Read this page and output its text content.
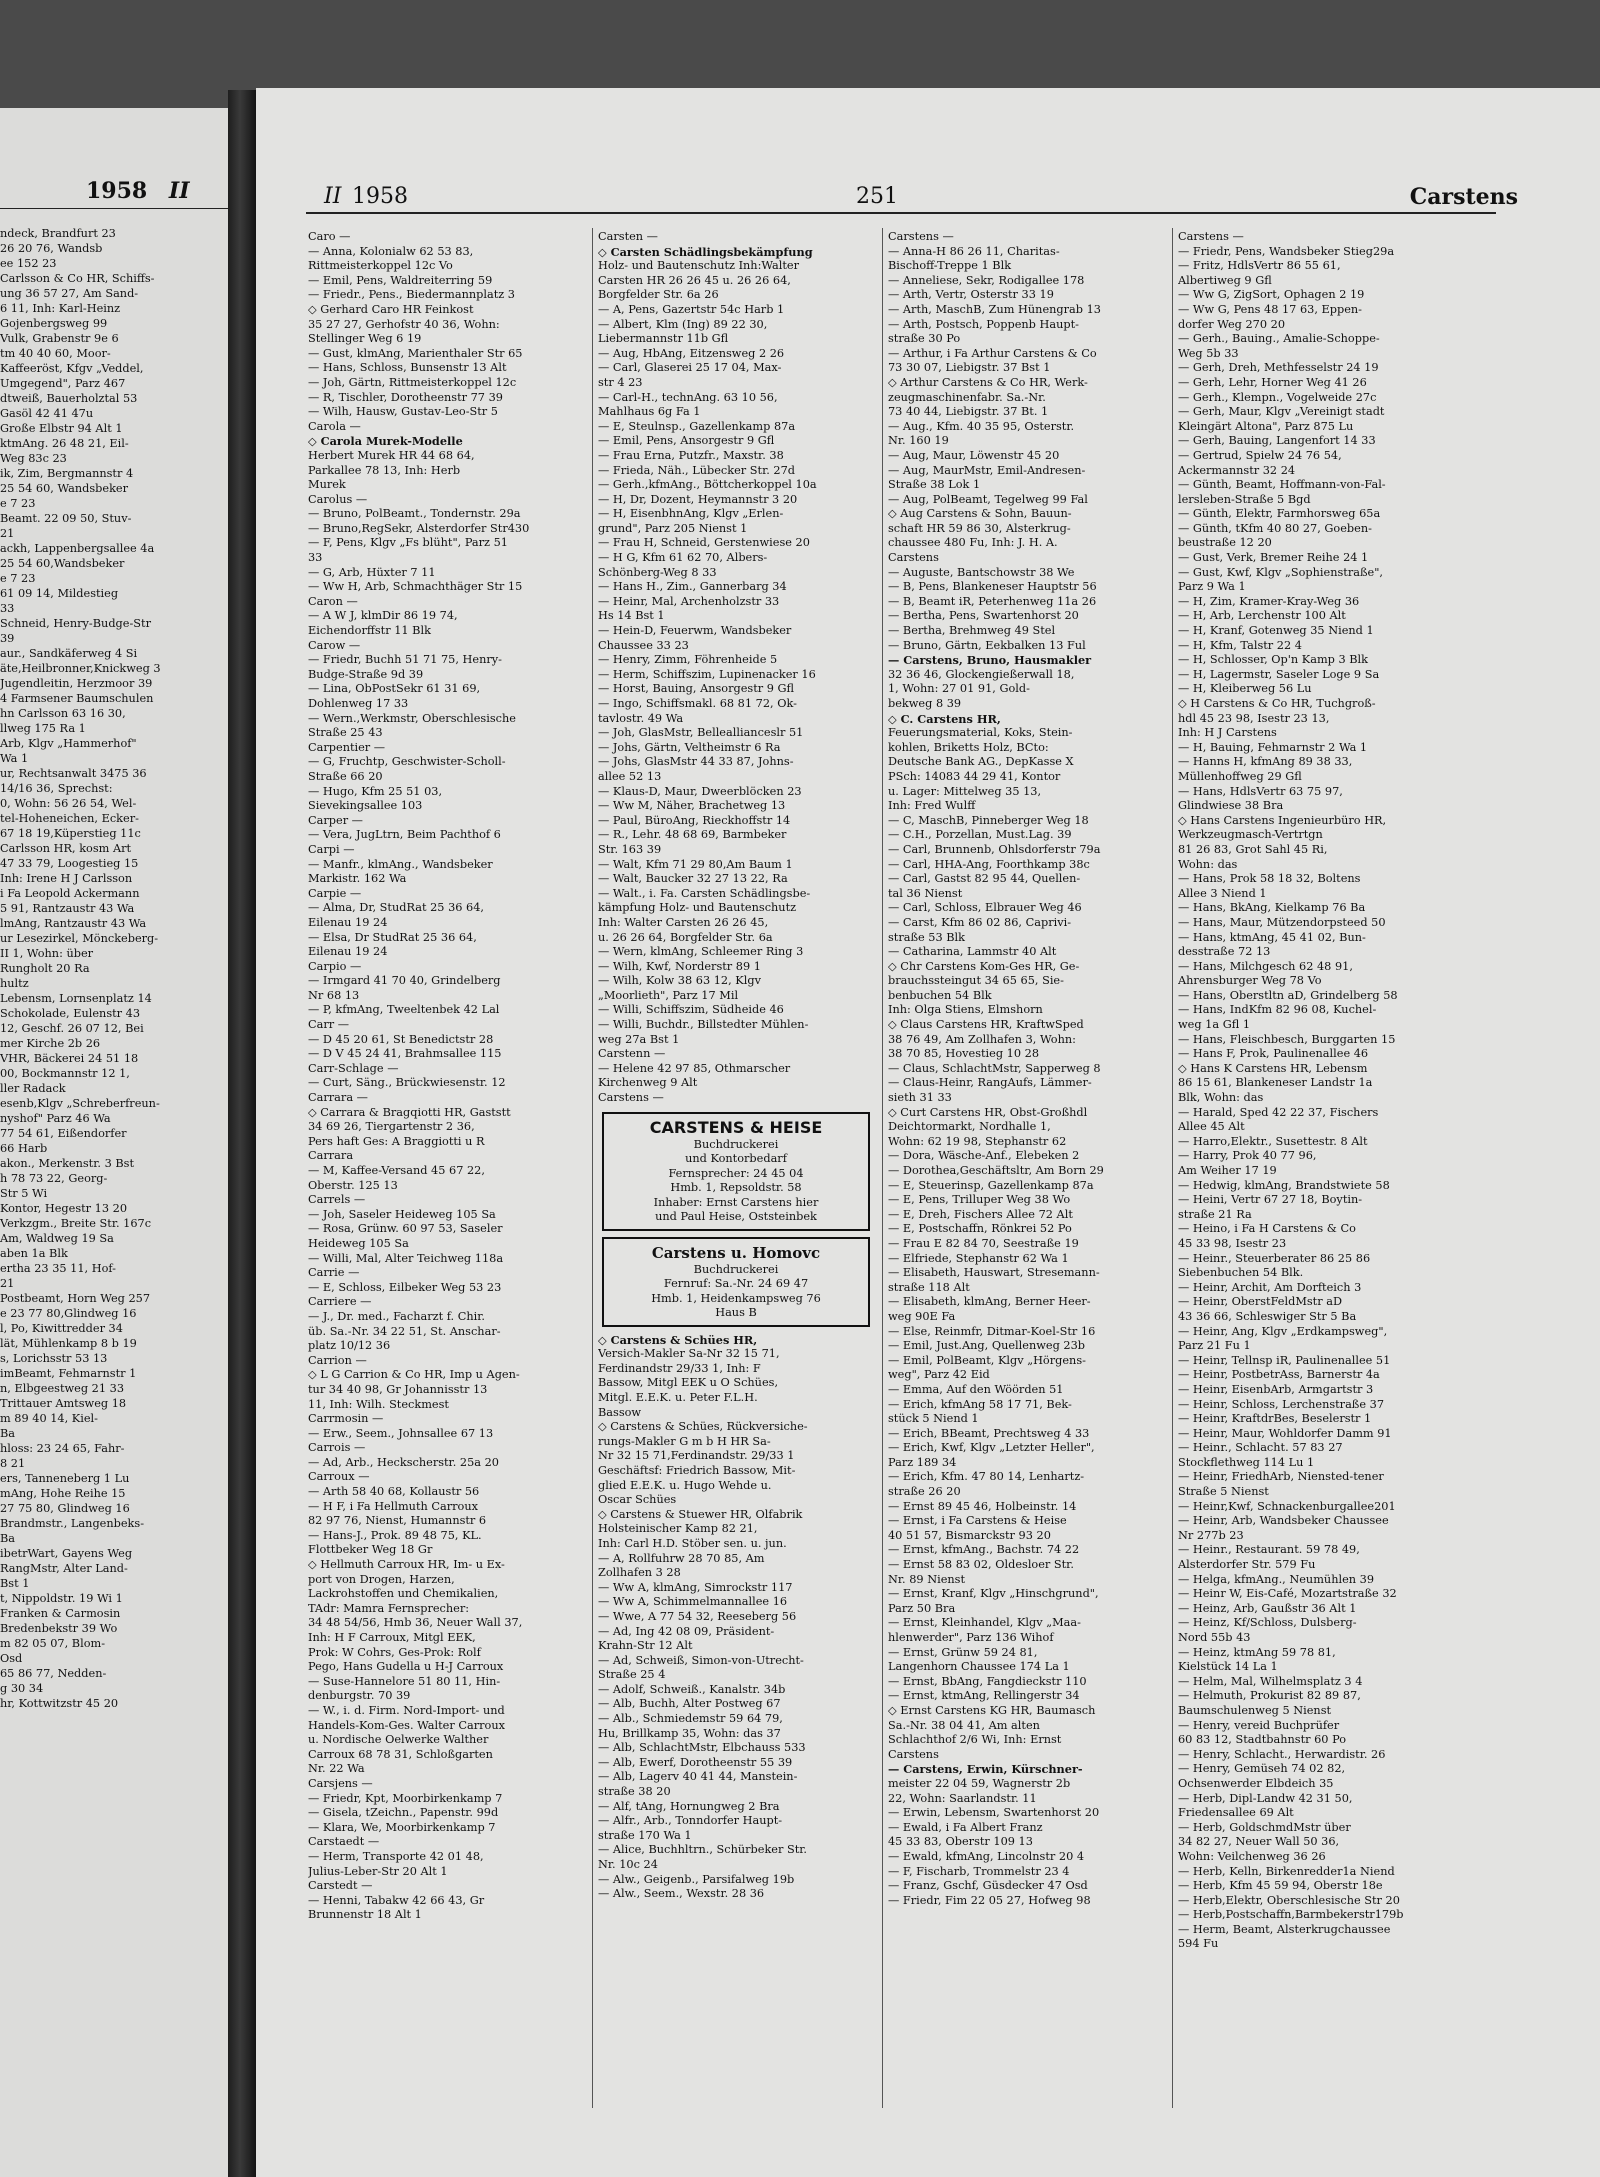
1958 II
ndeck, Brandfurt 23
26 20 76, Wandsb
ee 152 23
Carlsson & Co HR, Schiffs-
ung 36 57 27, Am Sand-
6 11, Inh: Karl-Heinz
Gojenbergsweg 99
Vulk, Grabenstr 9e 6
tm 40 40 60, Moor-
Kaffeeröst, Kfgv „Veddel,
Umgegend", Parz 467
dtweiß, Bauerholztal 53
Gasöl 42 41 47u
Große Elbstr 94 Alt 1
ktmAng. 26 48 21, Eil-
Weg 83c 23
ik, Zim, Bergmannstr 4
25 54 60, Wandsbeker
e 7 23
Beamt. 22 09 50, Stuv-
21
ackh, Lappenbergsallee 4a
25 54 60,Wandsbeker
e 7 23
61 09 14, Mildestieg
33
Schneid, Henry-Budge-Str
39
aur., Sandkäferweg 4 Si
äte,Heilbronner,Knickweg 3
Jugendleitin, Herzmoor 39
4 Farmsener Baumschulen
hn Carlsson 63 16 30,
llweg 175 Ra 1
Arb, Klgv „Hammerhof"
Wa 1
ur, Rechtsanwalt 3475 36
14/16 36, Sprechst:
0, Wohn: 56 26 54, Wel-
tel-Hoheneichen, Ecker-
67 18 19,Küperstieg 11c
Carlsson HR, kosm Art
47 33 79, Loogestieg 15
Inh: Irene H J Carlsson
i Fa Leopold Ackermann
5 91, Rantzaustr 43 Wa
lmAng, Rantzaustr 43 Wa
ur Lesezirkel, Mönckeberg-
II 1, Wohn: über
Rungholt 20 Ra
hultz
Lebensm, Lornsenplatz 14
Schokolade, Eulenstr 43
12, Geschf. 26 07 12, Bei
mer Kirche 2b 26
VHR, Bäckerei 24 51 18
00, Bockmannstr 12 1,
ller Radack
esenb,Klgv „Schreberfreun-
nyshof" Parz 46 Wa
77 54 61, Eißendorfer
66 Harb
akon., Merkenstr. 3 Bst
h 78 73 22, Georg-
Str 5 Wi
Kontor, Hegestr 13 20
Verkzgm., Breite Str. 167c
Am, Waldweg 19 Sa
aben 1a Blk
ertha 23 35 11, Hof-
21
Postbeamt, Horn Weg 257
e 23 77 80,Glindweg 16
l, Po, Kiwittredder 34
lät, Mühlenkamp 8 b 19
s, Lorichsstr 53 13
imBeamt, Fehmarnstr 1
n, Elbgeestweg 21 33
Trittauer Amtsweg 18
m 89 40 14, Kiel-
Ba
hloss: 23 24 65, Fahr-
8 21
ers, Tanneneberg 1 Lu
mAng, Hohe Reihe 15
27 75 80, Glindweg 16
Brandmstr., Langenbeks-
Ba
ibetrWart, Gayens Weg
RangMstr, Alter Land-
Bst 1
t, Nippoldstr. 19 Wi 1
Franken & Carmosin
Bredenbekstr 39 Wo
m 82 05 07, Blom-
Osd
65 86 77, Nedden-
g 30 34
hr, Kottwitzstr 45 20
II 1958	251	Carstens
Caro —
— Anna, Kolonialw 62 53 83,
Rittmeisterkoppel 12c Vo
— Emil, Pens, Waldreiterring 59
— Friedr., Pens., Biedermannplatz 3
◇ Gerhard Caro HR Feinkost
35 27 27, Gerhofstr 40 36, Wohn:
Stellinger Weg 6 19
— Gust, klmAng, Marienthaler Str 65
— Hans, Schloss, Bunsenstr 13 Alt
— Joh, Gärtn, Rittmeisterkoppel 12c
— R, Tischler, Dorotheenstr 77 39
— Wilh, Hausw, Gustav-Leo-Str 5
Carola —
◇ Carola Murek-Modelle
Herbert Murek HR 44 68 64,
Parkallee 78 13, Inh: Herb
Murek
Carolus —
— Bruno, PolBeamt., Tondernstr. 29a
— Bruno,RegSekr, Alsterdorfer Str430
— F, Pens, Klgv „Fs blüht", Parz 51
33
— G, Arb, Hüxter 7 11
— Ww H, Arb, Schmachthäger Str 15
Caron —
— A W J, klmDir 86 19 74,
Eichendorffstr 11 Blk
Carow —
— Friedr, Buchh 51 71 75, Henry-
Budge-Straße 9d 39
— Lina, ObPostSekr 61 31 69,
Dohlenweg 17 33
— Wern.,Werkmstr, Oberschlesische
Straße 25 43
Carpentier —
— G, Fruchtp, Geschwister-Scholl-
Straße 66 20
— Hugo, Kfm 25 51 03,
Sievekingsallee 103
Carper —
— Vera, JugLtrn, Beim Pachthof 6
Carpi —
— Manfr., klmAng., Wandsbeker
Markistr. 162 Wa
Carpie —
— Alma, Dr, StudRat 25 36 64,
Eilenau 19 24
— Elsa, Dr StudRat 25 36 64,
Eilenau 19 24
Carpio —
— Irmgard 41 70 40, Grindelberg
Nr 68 13
— P, kfmAng, Tweeltenbek 42 Lal
Carr —
— D 45 20 61, St Benedictstr 28
— D V 45 24 41, Brahmsallee 115
Carr-Schlage —
— Curt, Säng., Brückwiesenstr. 12
Carrara —
◇ Carrara & Bragqiotti HR, Gaststt
34 69 26, Tiergartenstr 2 36,
Pers haft Ges: A Braggiotti u R
Carrara
— M, Kaffee-Versand 45 67 22,
Oberstr. 125 13
Carrels —
— Joh, Saseler Heideweg 105 Sa
— Rosa, Grünw. 60 97 53, Saseler
Heideweg 105 Sa
— Willi, Mal, Alter Teichweg 118a
Carrie —
— E, Schloss, Eilbeker Weg 53 23
Carriere —
— J., Dr. med., Facharzt f. Chir.
üb. Sa.-Nr. 34 22 51, St. Anschar-
platz 10/12 36
Carrion —
◇ L G Carrion & Co HR, Imp u Agen-
tur 34 40 98, Gr Johannisstr 13
11, Inh: Wilh. Steckmest
Carrmosin —
— Erw., Seem., Johnsallee 67 13
Carrois —
— Ad, Arb., Heckscherstr. 25a 20
Carroux —
— Arth 58 40 68, Kollaustr 56
— H F, i Fa Hellmuth Carroux
82 97 76, Nienst, Humannstr 6
— Hans-J., Prok. 89 48 75, KL.
Flottbeker Weg 18 Gr
◇ Hellmuth Carroux HR, Im- u Ex-
port von Drogen, Harzen,
Lackrohstoffen und Chemikalien,
TAdr: Mamra Fernsprecher:
34 48 54/56, Hmb 36, Neuer Wall 37,
Inh: H F Carroux, Mitgl EEK,
Prok: W Cohrs, Ges-Prok: Rolf
Pego, Hans Gudella u H-J Carroux
— Suse-Hannelore 51 80 11, Hin-
denburgstr. 70 39
— W., i. d. Firm. Nord-Import- und
Handels-Kom-Ges. Walter Carroux
u. Nordische Oelwerke Walther
Carroux 68 78 31, Schloßgarten
Nr. 22 Wa
Carsjens —
— Friedr, Kpt, Moorbirkenkamp 7
— Gisela, tZeichn., Papenstr. 99d
— Klara, We, Moorbirkenkamp 7
Carstaedt —
— Herm, Transporte 42 01 48,
Julius-Leber-Str 20 Alt 1
Carstedt —
— Henni, Tabakw 42 66 43, Gr
Brunnenstr 18 Alt 1
Carsten —
◇ Carsten Schädlingsbekämpfung
Holz- und Bautenschutz Inh:Walter
Carsten HR 26 26 45 u. 26 26 64,
Borgfelder Str. 6a 26
— A, Pens, Gazertstr 54c Harb 1
— Albert, Klm (Ing) 89 22 30,
Liebermannstr 11b Gfl
— Aug, HbAng, Eitzensweg 2 26
— Carl, Glaserei 25 17 04, Max-
str 4 23
— Carl-H., technAng. 63 10 56,
Mahlhaus 6g Fa 1
— E, Steulnsp., Gazellenkamp 87a
— Emil, Pens, Ansorgestr 9 Gfl
— Frau Erna, Putzfr., Maxstr. 38
— Frieda, Näh., Lübecker Str. 27d
— Gerh.,kfmAng., Böttcherkoppel 10a
— H, Dr, Dozent, Heymannstr 3 20
— H, EisenbhnAng, Klgv „Erlen-
grund", Parz 205 Nienst 1
— Frau H, Schneid, Gerstenwiese 20
— H G, Kfm 61 62 70, Albers-
Schönberg-Weg 8 33
— Hans H., Zim., Gannerbarg 34
— Heinr, Mal, Archenholzstr 33
Hs 14 Bst 1
— Hein-D, Feuerwm, Wandsbeker
Chaussee 33 23
— Henry, Zimm, Föhrenheide 5
— Herm, Schiffszim, Lupinenacker 16
— Horst, Bauing, Ansorgestr 9 Gfl
— Ingo, Schiffsmakl. 68 81 72, Ok-
tavlostr. 49 Wa
— Joh, GlasMstr, Belleallianceslr 51
— Johs, Gärtn, Veltheimstr 6 Ra
— Johs, GlasMstr 44 33 87, Johns-
allee 52 13
— Klaus-D, Maur, Dweerblöcken 23
— Ww M, Näher, Brachetweg 13
— Paul, BüroAng, Rieckhoffstr 14
— R., Lehr. 48 68 69, Barmbeker
Str. 163 39
— Walt, Kfm 71 29 80,Am Baum 1
— Walt, Baucker 32 27 13 22, Ra
— Walt., i. Fa. Carsten Schädlingsbe-
kämpfung Holz- und Bautenschutz
Inh: Walter Carsten 26 26 45,
u. 26 26 64, Borgfelder Str. 6a
— Wern, klmAng, Schleemer Ring 3
— Wilh, Kwf, Norderstr 89 1
— Wilh, Kolw 38 63 12, Klgv
„Moorlieth", Parz 17 Mil
— Willi, Schiffszim, Südheide 46
— Willi, Buchdr., Billstedter Mühlen-
weg 27a Bst 1
Carstenn —
— Helene 42 97 85, Othmarscher
Kirchenweg 9 Alt
Carstens —
CARSTENS & HEISE
Buchdruckerei
und Kontorbedarf
Fernsprecher: 24 45 04
Hmb. 1, Repsoldstr. 58
Inhaber: Ernst Carstens hier
und Paul Heise, Oststeinbek
Carstens u. Homovc
Buchdruckerei
Fernruf: Sa.-Nr. 24 69 47
Hmb. 1, Heidenkampsweg 76
Haus B
◇ Carstens & Schües HR,
Versich-Makler Sa-Nr 32 15 71,
Ferdinandstr 29/33 1, Inh: F
Bassow, Mitgl EEK u O Schües,
Mitgl. E.E.K. u. Peter F.L.H.
Bassow
◇ Carstens & Schües, Rückversiche-
rungs-Makler G m b H HR Sa-
Nr 32 15 71,Ferdinandstr. 29/33 1
Geschäftsf: Friedrich Bassow, Mit-
glied E.E.K. u. Hugo Wehde u.
Oscar Schües
◇ Carstens & Stuewer HR, Olfabrik
Holsteinischer Kamp 82 21,
Inh: Carl H.D. Stöber sen. u. jun.
— A, Rollfuhrw 28 70 85, Am
Zollhafen 3 28
— Ww A, klmAng, Simrockstr 117
— Ww A, Schimmelmannallee 16
— Wwe, A 77 54 32, Reeseberg 56
— Ad, Ing 42 08 09, Präsident-
Krahn-Str 12 Alt
— Ad, Schweiß, Simon-von-Utrecht-
Straße 25 4
— Adolf, Schweiß., Kanalstr. 34b
— Alb, Buchh, Alter Postweg 67
— Alb., Schmiedemstr 59 64 79,
Hu, Brillkamp 35, Wohn: das 37
— Alb, SchlachtMstr, Elbchauss 533
— Alb, Ewerf, Dorotheenstr 55 39
— Alb, Lagerv 40 41 44, Manstein-
straße 38 20
— Alf, tAng, Hornungweg 2 Bra
— Alfr., Arb., Tonndorfer Haupt-
straße 170 Wa 1
— Alice, Buchhltrn., Schürbeker Str.
Nr. 10c 24
— Alw., Geigenb., Parsifalweg 19b
— Alw., Seem., Wexstr. 28 36
Carstens —
— Anna-H 86 26 11, Charitas-
Bischoff-Treppe 1 Blk
— Anneliese, Sekr, Rodigallee 178
— Arth, Vertr, Osterstr 33 19
— Arth, MaschB, Zum Hünengrab 13
— Arth, Postsch, Poppenb Haupt-
straße 30 Po
— Arthur, i Fa Arthur Carstens & Co
73 30 07, Liebigstr. 37 Bst 1
◇ Arthur Carstens & Co HR, Werk-
zeugmaschinenfabr. Sa.-Nr.
73 40 44, Liebigstr. 37 Bt. 1
— Aug., Kfm. 40 35 95, Osterstr.
Nr. 160 19
— Aug, Maur, Löwenstr 45 20
— Aug, MaurMstr, Emil-Andresen-
Straße 38 Lok 1
— Aug, PolBeamt, Tegelweg 99 Fal
◇ Aug Carstens & Sohn, Bauun-
schaft HR 59 86 30, Alsterkrug-
chaussee 480 Fu, Inh: J. H. A.
Carstens
— Auguste, Bantschowstr 38 We
— B, Pens, Blankeneser Hauptstr 56
— B, Beamt iR, Peterhenweg 11a 26
— Bertha, Pens, Swartenhorst 20
— Bertha, Brehmweg 49 Stel
— Bruno, Gärtn, Eekbalken 13 Ful
— Carstens, Bruno, Hausmakler
32 36 46, Glockengießerwall 18,
1, Wohn: 27 01 91, Gold-
bekweg 8 39
◇ C. Carstens HR,
Feuerungsmaterial, Koks, Stein-
kohlen, Briketts Holz, BCto:
Deutsche Bank AG., DepKasse X
PSch: 14083 44 29 41, Kontor
u. Lager: Mittelweg 35 13,
Inh: Fred Wulff
— C, MaschB, Pinneberger Weg 18
— C.H., Porzellan, Must.Lag. 39
— Carl, Brunnenb, Ohlsdorferstr 79a
— Carl, HHA-Ang, Foorthkamp 38c
— Carl, Gastst 82 95 44, Quellen-
tal 36 Nienst
— Carl, Schloss, Elbrauer Weg 46
— Carst, Kfm 86 02 86, Caprivi-
straße 53 Blk
— Catharina, Lammstr 40 Alt
◇ Chr Carstens Kom-Ges HR, Ge-
brauchssteingut 34 65 65, Sie-
benbuchen 54 Blk
Inh: Olga Stiens, Elmshorn
◇ Claus Carstens HR, KraftwSped
38 76 49, Am Zollhafen 3, Wohn:
38 70 85, Hovestieg 10 28
— Claus, SchlachtMstr, Sapperweg 8
— Claus-Heinr, RangAufs, Lämmer-
sieth 31 33
◇ Curt Carstens HR, Obst-Großhdl
Deichtormarkt, Nordhalle 1,
Wohn: 62 19 98, Stephanstr 62
— Dora, Wäsche-Anf., Elebeken 2
— Dorothea,Geschäftsltr, Am Born 29
— E, Steuerinsp, Gazellenkamp 87a
— E, Pens, Trilluper Weg 38 Wo
— E, Dreh, Fischers Allee 72 Alt
— E, Postschaffn, Rönkrei 52 Po
— Frau E 82 84 70, Seestraße 19
— Elfriede, Stephanstr 62 Wa 1
— Elisabeth, Hauswart, Stresemann-
straße 118 Alt
— Elisabeth, klmAng, Berner Heer-
weg 90E Fa
— Else, Reinmfr, Ditmar-Koel-Str 16
— Emil, Just.Ang, Quellenweg 23b
— Emil, PolBeamt, Klgv „Hörgens-
weg", Parz 42 Eid
— Emma, Auf den Wöörden 51
— Erich, kfmAng 58 17 71, Bek-
stück 5 Niend 1
— Erich, BBeamt, Prechtsweg 4 33
— Erich, Kwf, Klgv „Letzter Heller",
Parz 189 34
— Erich, Kfm. 47 80 14, Lenhartz-
straße 26 20
— Ernst 89 45 46, Holbeinstr. 14
— Ernst, i Fa Carstens & Heise
40 51 57, Bismarckstr 93 20
— Ernst, kfmAng., Bachstr. 74 22
— Ernst 58 83 02, Oldesloer Str.
Nr. 89 Nienst
— Ernst, Kranf, Klgv „Hinschgrund",
Parz 50 Bra
— Ernst, Kleinhandel, Klgv „Maa-
hlenwerder", Parz 136 Wihof
— Ernst, Grünw 59 24 81,
Langenhorn Chaussee 174 La 1
— Ernst, BbAng, Fangdieckstr 110
— Ernst, ktmAng, Rellingerstr 34
◇ Ernst Carstens KG HR, Baumasch
Sa.-Nr. 38 04 41, Am alten
Schlachthof 2/6 Wi, Inh: Ernst
Carstens
— Carstens, Erwin, Kürschner-
meister 22 04 59, Wagnerstr 2b
22, Wohn: Saarlandstr. 11
— Erwin, Lebensm, Swartenhorst 20
— Ewald, i Fa Albert Franz
45 33 83, Oberstr 109 13
— Ewald, kfmAng, Lincolnstr 20 4
— F, Fischarb, Trommelstr 23 4
— Franz, Gschf, Güsdecker 47 Osd
— Friedr, Fim 22 05 27, Hofweg 98
Carstens —
— Friedr, Pens, Wandsbeker Stieg29a
— Fritz, HdlsVertr 86 55 61,
Albertiweg 9 Gfl
— Ww G, ZigSort, Ophagen 2 19
— Ww G, Pens 48 17 63, Eppen-
dorfer Weg 270 20
— Gerh., Bauing., Amalie-Schoppe-
Weg 5b 33
— Gerh, Dreh, Methfesselstr 24 19
— Gerh, Lehr, Horner Weg 41 26
— Gerh., Klempn., Vogelweide 27c
— Gerh, Maur, Klgv „Vereinigt stadt
Kleingärt Altona", Parz 875 Lu
— Gerh, Bauing, Langenfort 14 33
— Gertrud, Spielw 24 76 54,
Ackermannstr 32 24
— Günth, Beamt, Hoffmann-von-Fal-
lersleben-Straße 5 Bgd
— Günth, Elektr, Farmhorsweg 65a
— Günth, tKfm 40 80 27, Goeben-
beustraße 12 20
— Gust, Verk, Bremer Reihe 24 1
— Gust, Kwf, Klgv „Sophienstraße",
Parz 9 Wa 1
— H, Zim, Kramer-Kray-Weg 36
— H, Arb, Lerchenstr 100 Alt
— H, Kranf, Gotenweg 35 Niend 1
— H, Kfm, Talstr 22 4
— H, Schlosser, Op'n Kamp 3 Blk
— H, Lagermstr, Saseler Loge 9 Sa
— H, Kleiberweg 56 Lu
◇ H Carstens & Co HR, Tuchgroß-
hdl 45 23 98, Isestr 23 13,
Inh: H J Carstens
— H, Bauing, Fehmarnstr 2 Wa 1
— Hanns H, kfmAng 89 38 33,
Müllenhoffweg 29 Gfl
— Hans, HdlsVertr 63 75 97,
Glindwiese 38 Bra
◇ Hans Carstens Ingenieurbüro HR,
Werkzeugmasch-Vertrtgn
81 26 83, Grot Sahl 45 Ri,
Wohn: das
— Hans, Prok 58 18 32, Boltens
Allee 3 Niend 1
— Hans, BkAng, Kielkamp 76 Ba
— Hans, Maur, Mützendorpsteed 50
— Hans, ktmAng, 45 41 02, Bun-
desstraße 72 13
— Hans, Milchgesch 62 48 91,
Ahrensburger Weg 78 Vo
— Hans, Oberstltn aD, Grindelberg 58
— Hans, IndKfm 82 96 08, Kuchel-
weg 1a Gfl 1
— Hans, Fleischbesch, Burggarten 15
— Hans F, Prok, Paulinenallee 46
◇ Hans K Carstens HR, Lebensm
86 15 61, Blankeneser Landstr 1a
Blk, Wohn: das
— Harald, Sped 42 22 37, Fischers
Allee 45 Alt
— Harro,Elektr., Susettestr. 8 Alt
— Harry, Prok 40 77 96,
Am Weiher 17 19
— Hedwig, klmAng, Brandstwiete 58
— Heini, Vertr 67 27 18, Boytin-
straße 21 Ra
— Heino, i Fa H Carstens & Co
45 33 98, Isestr 23
— Heinr., Steuerberater 86 25 86
Siebenbuchen 54 Blk.
— Heinr, Archit, Am Dorfteich 3
— Heinr, OberstFeldMstr aD
43 36 66, Schleswiger Str 5 Ba
— Heinr, Ang, Klgv „Erdkampsweg",
Parz 21 Fu 1
— Heinr, Tellnsp iR, Paulinenallee 51
— Heinr, PostbetrAss, Barnerstr 4a
— Heinr, EisenbArb, Armgartstr 3
— Heinr, Schloss, Lerchenstraße 37
— Heinr, KraftdrBes, Beselerstr 1
— Heinr, Maur, Wohldorfer Damm 91
— Heinr., Schlacht. 57 83 27
Stockflethweg 114 Lu 1
— Heinr, FriedhArb, Niensted-tener
Straße 5 Nienst
— Heinr,Kwf, Schnackenburgallee201
— Heinr, Arb, Wandsbeker Chaussee
Nr 277b 23
— Heinr., Restaurant. 59 78 49,
Alsterdorfer Str. 579 Fu
— Helga, kfmAng., Neumühlen 39
— Heinr W, Eis-Café, Mozartstraße 32
— Heinz, Arb, Gaußstr 36 Alt 1
— Heinz, Kf/Schloss, Dulsberg-
Nord 55b 43
— Heinz, ktmAng 59 78 81,
Kielstück 14 La 1
— Helm, Mal, Wilhelmsplatz 3 4
— Helmuth, Prokurist 82 89 87,
Baumschulenweg 5 Nienst
— Henry, vereid Buchprüfer
60 83 12, Stadtbahnstr 60 Po
— Henry, Schlacht., Herwardistr. 26
— Henry, Gemüseh 74 02 82,
Ochsenwerder Elbdeich 35
— Herb, Dipl-Landw 42 31 50,
Friedensallee 69 Alt
— Herb, GoldschmdMstr über
34 82 27, Neuer Wall 50 36,
Wohn: Veilchenweg 36 26
— Herb, Kelln, Birkenredder1a Niend
— Herb, Kfm 45 59 94, Oberstr 18e
— Herb,Elektr, Oberschlesische Str 20
— Herb,Postschaffn,Barmbekerstr179b
— Herm, Beamt, Alsterkrugchaussee
594 Fu
